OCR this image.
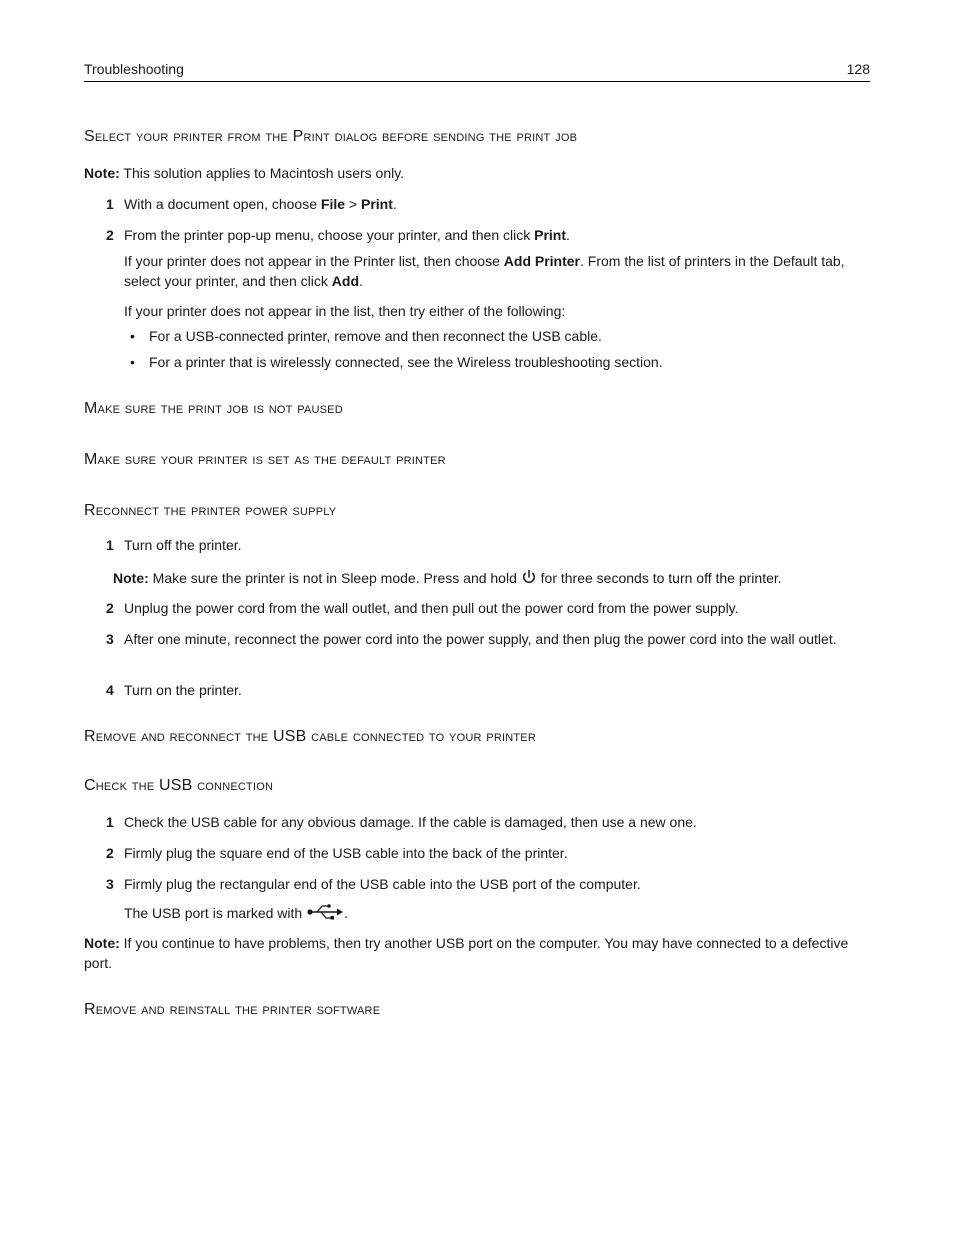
Troubleshooting	128
Select your printer from the Print dialog before sending the print job
Note: This solution applies to Macintosh users only.
1 With a document open, choose File > Print.
2 From the printer pop-up menu, choose your printer, and then click Print.
If your printer does not appear in the Printer list, then choose Add Printer. From the list of printers in the Default tab, select your printer, and then click Add.
If your printer does not appear in the list, then try either of the following:
• For a USB-connected printer, remove and then reconnect the USB cable.
• For a printer that is wirelessly connected, see the Wireless troubleshooting section.
Make sure the print job is not paused
Make sure your printer is set as the default printer
Reconnect the printer power supply
1 Turn off the printer.
Note: Make sure the printer is not in Sleep mode. Press and hold  for three seconds to turn off the printer.
2 Unplug the power cord from the wall outlet, and then pull out the power cord from the power supply.
3 After one minute, reconnect the power cord into the power supply, and then plug the power cord into the wall outlet.
4 Turn on the printer.
Remove and reconnect the USB cable connected to your printer
Check the USB connection
1 Check the USB cable for any obvious damage. If the cable is damaged, then use a new one.
2 Firmly plug the square end of the USB cable into the back of the printer.
3 Firmly plug the rectangular end of the USB cable into the USB port of the computer.
The USB port is marked with	.
Note: If you continue to have problems, then try another USB port on the computer. You may have connected to a defective port.
Remove and reinstall the printer software
